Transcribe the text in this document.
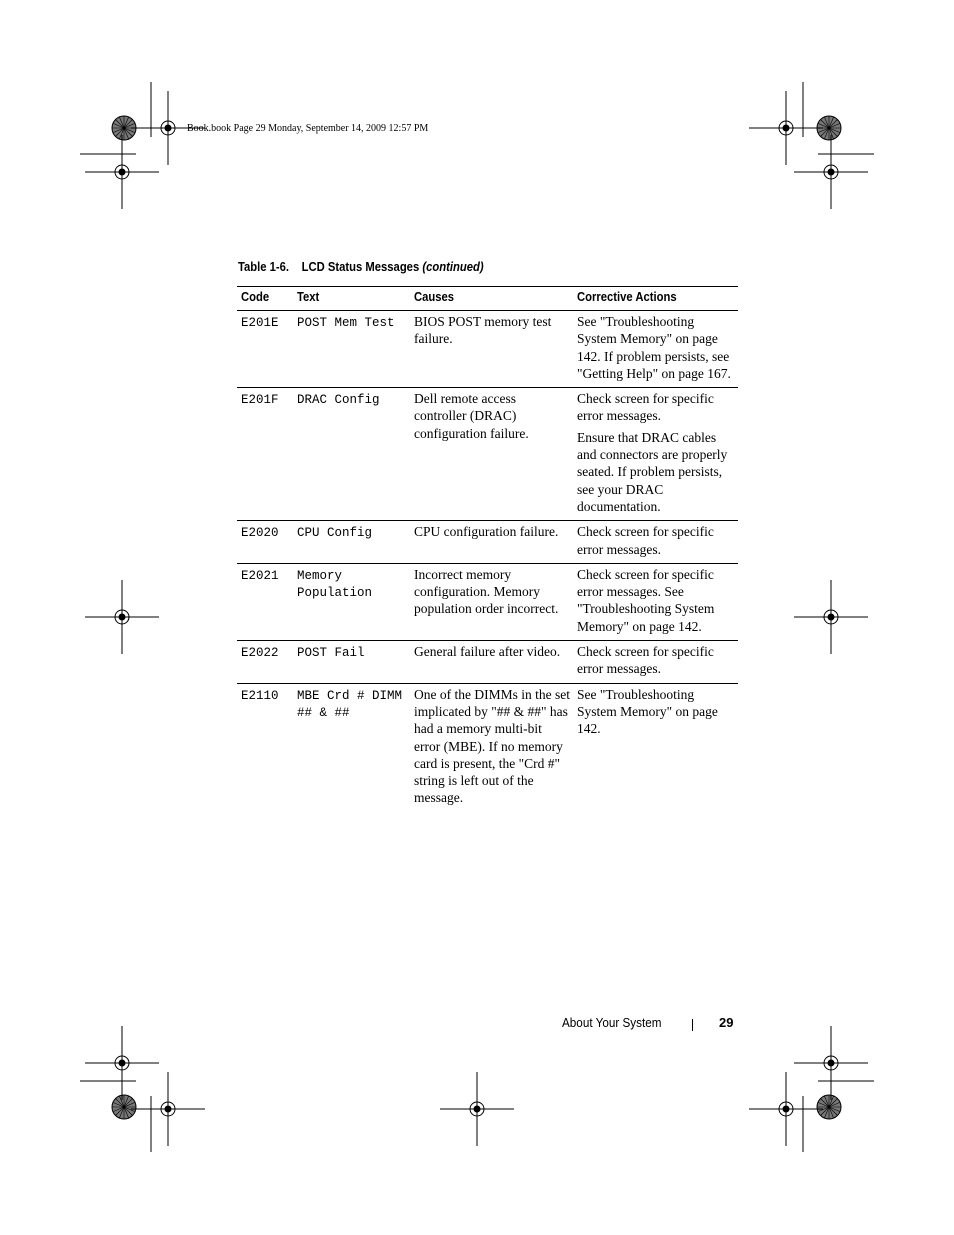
Book.book Page 29 Monday, September 14, 2009 12:57 PM
Table 1-6. LCD Status Messages (continued)
Code	Text	Causes	Corrective Actions
E201E	POST Mem Test	BIOS POST memory test failure.	See "Troubleshooting System Memory" on page 142. If problem persists, see "Getting Help" on page 167.

E201F	DRAC Config	Dell remote access controller (DRAC) configuration failure.	Check screen for specific error messages.

Ensure that DRAC cables and connectors are properly seated. If problem persists, see your DRAC documentation.

E2020	CPU Config	CPU configuration failure.	Check screen for specific error messages.

E2021	Memory Population	Incorrect memory configuration. Memory population order incorrect.	Check screen for specific error messages. See "Troubleshooting System Memory" on page 142.

E2022	POST Fail	General failure after video.	Check screen for specific error messages.

E2110	MBE Crd # DIMM ## & ##	One of the DIMMs in the set implicated by "## & ##" has had a memory multi-bit error (MBE). If no memory card is present, the "Crd #" string is left out of the message.	See "Troubleshooting System Memory" on page 142.

About Your System	29
